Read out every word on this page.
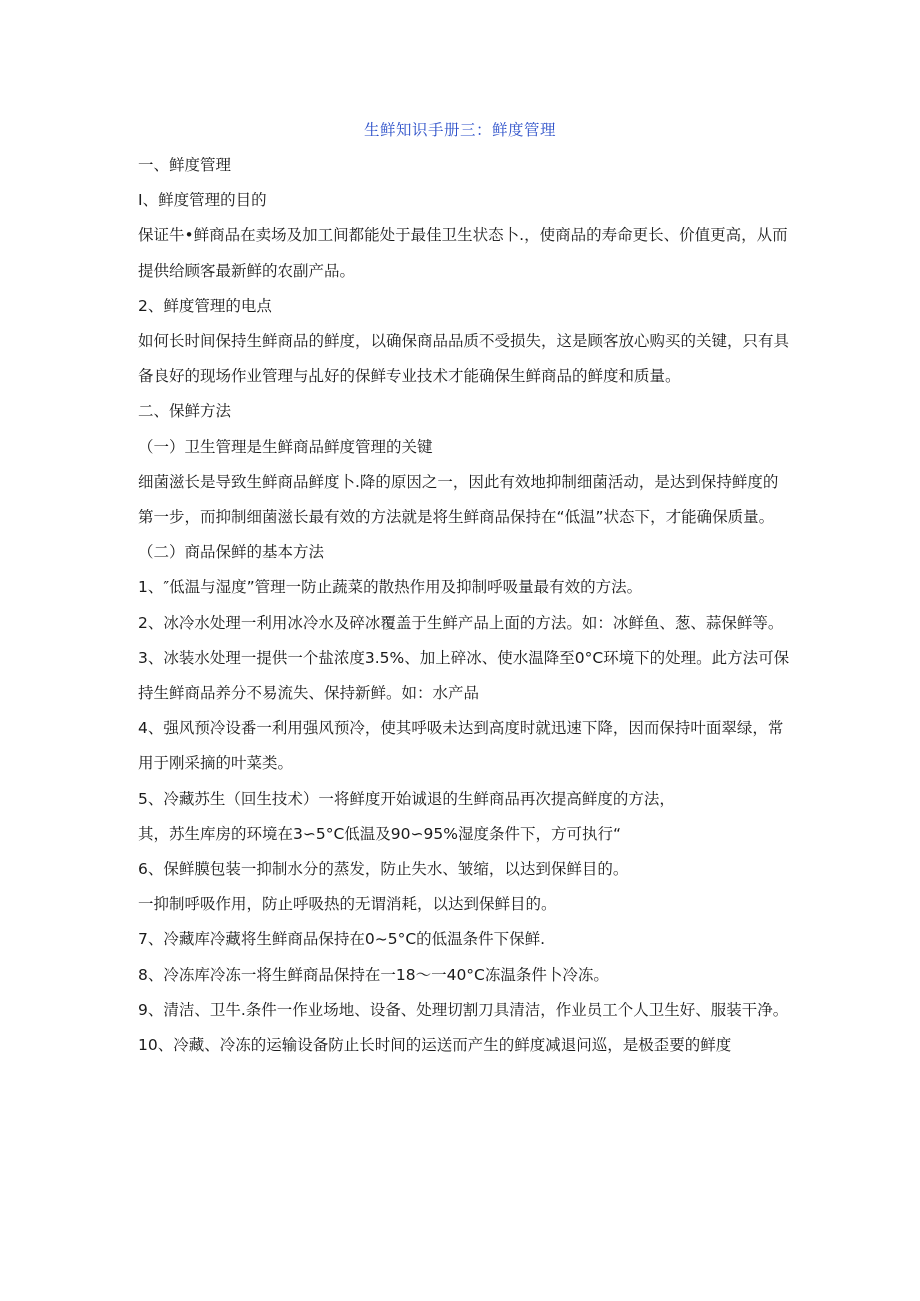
生鲜知识手册三：鲜度管理

一、鲜度管理

I、鲜度管理的目的

保证牛•鲜商品在卖场及加工间都能处于最佳卫生状态卜.，使商品的寿命更长、价值更高，从而提供给顾客最新鲜的农副产品。

2、鲜度管理的电点

如何长时间保持生鲜商品的鲜度，以确保商品品质不受损失，这是顾客放心购买的关键，只有具备良好的现场作业管理与乩好的保鲜专业技术才能确保生鲜商品的鲜度和质量。

二、保鲜方法

（一）卫生管理是生鲜商品鲜度管理的关键

细菌滋长是导致生鲜商品鲜度卜.降的原因之一，因此有效地抑制细菌活动，是达到保持鲜度的第一步，而抑制细菌滋长最有效的方法就是将生鲜商品保持在“低温”状态下，才能确保质量。

（二）商品保鲜的基本方法

1、″低温与湿度”管理一防止蔬菜的散热作用及抑制呼吸量最有效的方法。

2、冰冷水处理一利用冰冷水及碎冰覆盖于生鲜产品上面的方法。如：冰鲜鱼、葱、蒜保鲜等。

3、冰装水处理一提供一个盐浓度3.5%、加上碎冰、使水温降至0°C环境下的处理。此方法可保持生鲜商品养分不易流失、保持新鲜。如：水产品

4、强风预冷设番一利用强风预冷，使其呼吸未达到高度时就迅速下降，因而保持叶面翠绿，常用于刚采摘的叶菜类。

5、冷藏苏生（回生技术）一将鲜度开始诚退的生鲜商品再次提高鲜度的方法，

其，苏生库房的环境在3∽5°C低温及90∽95%湿度条件下，方可执行“

6、保鲜膜包装一抑制水分的蒸发，防止失水、皱缩，以达到保鲜目的。

一抑制呼吸作用，防止呼吸热的无谓消耗，以达到保鲜目的。

7、冷藏库冷藏将生鲜商品保持在0~5°C的低温条件下保鲜.

8、冷冻库冷冻一将生鲜商品保持在一18～一40°C冻温条件卜冷冻。

9、清洁、卫牛.条件一作业场地、设备、处理切割刀具清洁，作业员工个人卫生好、服装干净。

10、冷藏、冷冻的运输设备防止长时间的运送而产生的鲜度减退问巡，是极歪要的鲜度
